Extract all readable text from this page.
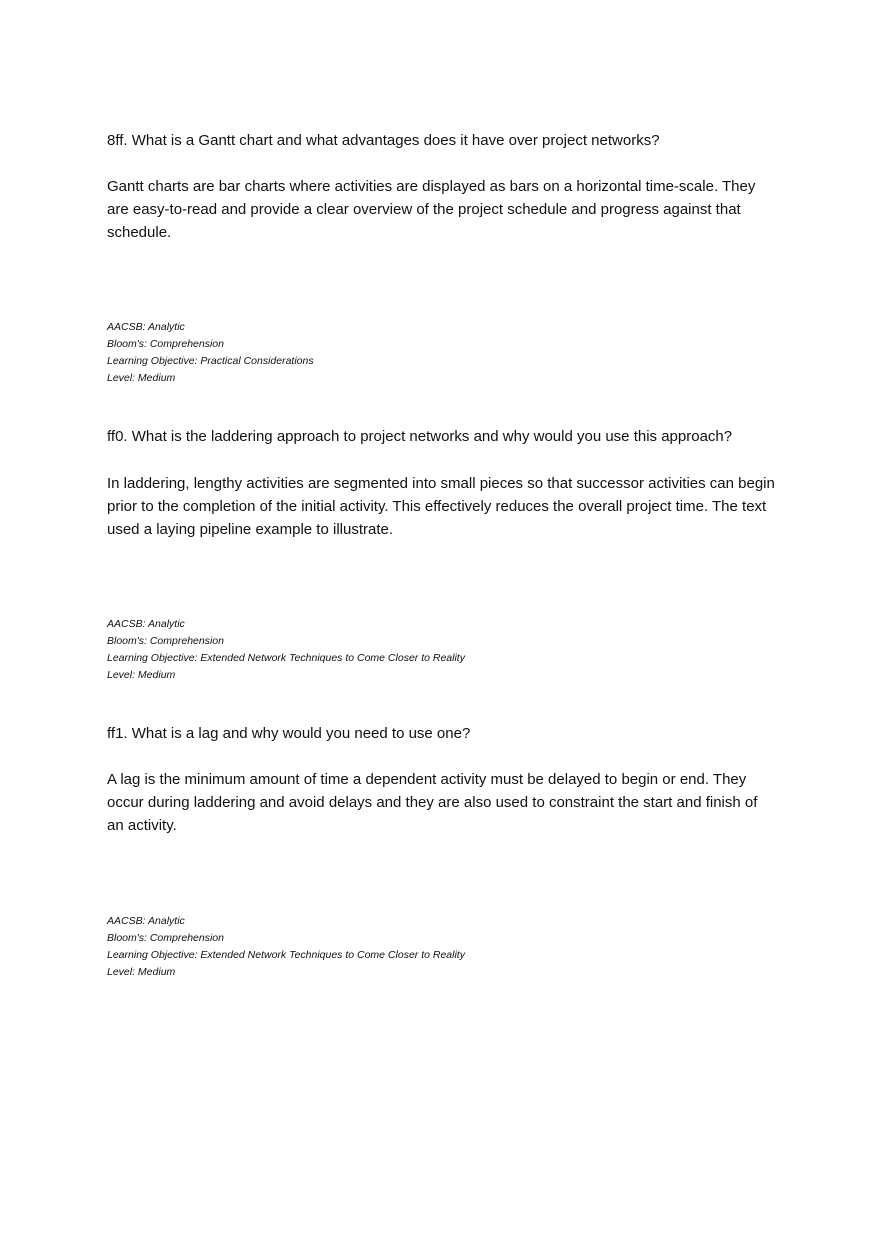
8ff. What is a Gantt chart and what advantages does it have over project networks?

Gantt charts are bar charts where activities are displayed as bars on a horizontal time-scale. They are easy-to-read and provide a clear overview of the project schedule and progress against that schedule.

AACSB: Analytic
Bloom's: Comprehension
Learning Objective: Practical Considerations
Level: Medium

ff0. What is the laddering approach to project networks and why would you use this approach?

In laddering, lengthy activities are segmented into small pieces so that successor activities can begin prior to the completion of the initial activity. This effectively reduces the overall project time. The text used a laying pipeline example to illustrate.

AACSB: Analytic
Bloom's: Comprehension
Learning Objective: Extended Network Techniques to Come Closer to Reality
Level: Medium

ff1. What is a lag and why would you need to use one?

A lag is the minimum amount of time a dependent activity must be delayed to begin or end. They occur during laddering and avoid delays and they are also used to constraint the start and finish of an activity.

AACSB: Analytic
Bloom's: Comprehension
Learning Objective: Extended Network Techniques to Come Closer to Reality
Level: Medium
